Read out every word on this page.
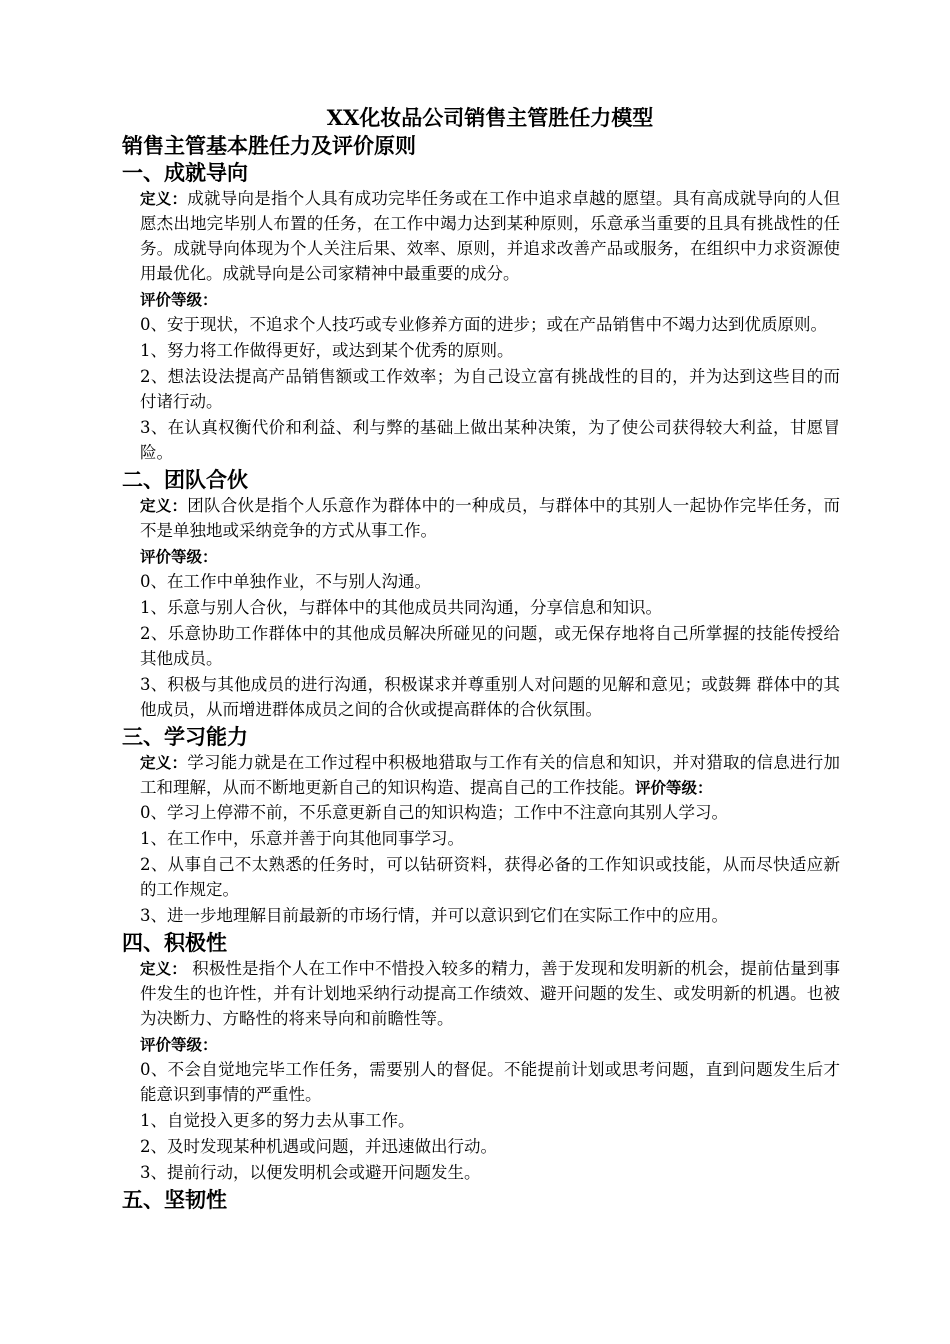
XX化妆品公司销售主管胜任力模型
销售主管基本胜任力及评价原则
一、成就导向

定义：成就导向是指个人具有成功完毕任务或在工作中追求卓越的愿望。具有高成就导向的人但愿杰出地完毕别人布置的任务，在工作中竭力达到某种原则，乐意承当重要的且具有挑战性的任务。成就导向体现为个人关注后果、效率、原则，并追求改善产品或服务，在组织中力求资源使用最优化。成就导向是公司家精神中最重要的成分。

评价等级：

0、安于现状，不追求个人技巧或专业修养方面的进步；或在产品销售中不竭力达到优质原则。

1、努力将工作做得更好，或达到某个优秀的原则。

2、想法设法提高产品销售额或工作效率；为自己设立富有挑战性的目的，并为达到这些目的而付诸行动。

3、在认真权衡代价和利益、利与弊的基础上做出某种决策，为了使公司获得较大利益，甘愿冒险。

二、团队合伙

定义：团队合伙是指个人乐意作为群体中的一种成员，与群体中的其别人一起协作完毕任务，而不是单独地或采纳竞争的方式从事工作。

评价等级：

0、在工作中单独作业，不与别人沟通。

1、乐意与别人合伙，与群体中的其他成员共同沟通，分享信息和知识。

2、乐意协助工作群体中的其他成员解决所碰见的问题，或无保存地将自己所掌握的技能传授给其他成员。

3、积极与其他成员的进行沟通，积极谋求并尊重别人对问题的见解和意见；或鼓舞 群体中的其他成员，从而增进群体成员之间的合伙或提高群体的合伙氛围。

三、学习能力

定义：学习能力就是在工作过程中积极地猎取与工作有关的信息和知识，并对猎取的信息进行加工和理解，从而不断地更新自己的知识构造、提高自己的工作技能。评价等级：

0、学习上停滞不前，不乐意更新自己的知识构造；工作中不注意向其别人学习。

1、在工作中，乐意并善于向其他同事学习。

2、从事自己不太熟悉的任务时，可以钻研资料，获得必备的工作知识或技能，从而尽快适应新的工作规定。

3、进一步地理解目前最新的市场行情，并可以意识到它们在实际工作中的应用。

四、积极性

定义： 积极性是指个人在工作中不惜投入较多的精力，善于发现和发明新的机会，提前估量到事件发生的也许性，并有计划地采纳行动提高工作绩效、避开问题的发生、或发明新的机遇。也被为决断力、方略性的将来导向和前瞻性等。

评价等级：

0、不会自觉地完毕工作任务，需要别人的督促。不能提前计划或思考问题，直到问题发生后才能意识到事情的严重性。

1、自觉投入更多的努力去从事工作。

2、及时发现某种机遇或问题，并迅速做出行动。

3、提前行动，以便发明机会或避开问题发生。

五、坚韧性
